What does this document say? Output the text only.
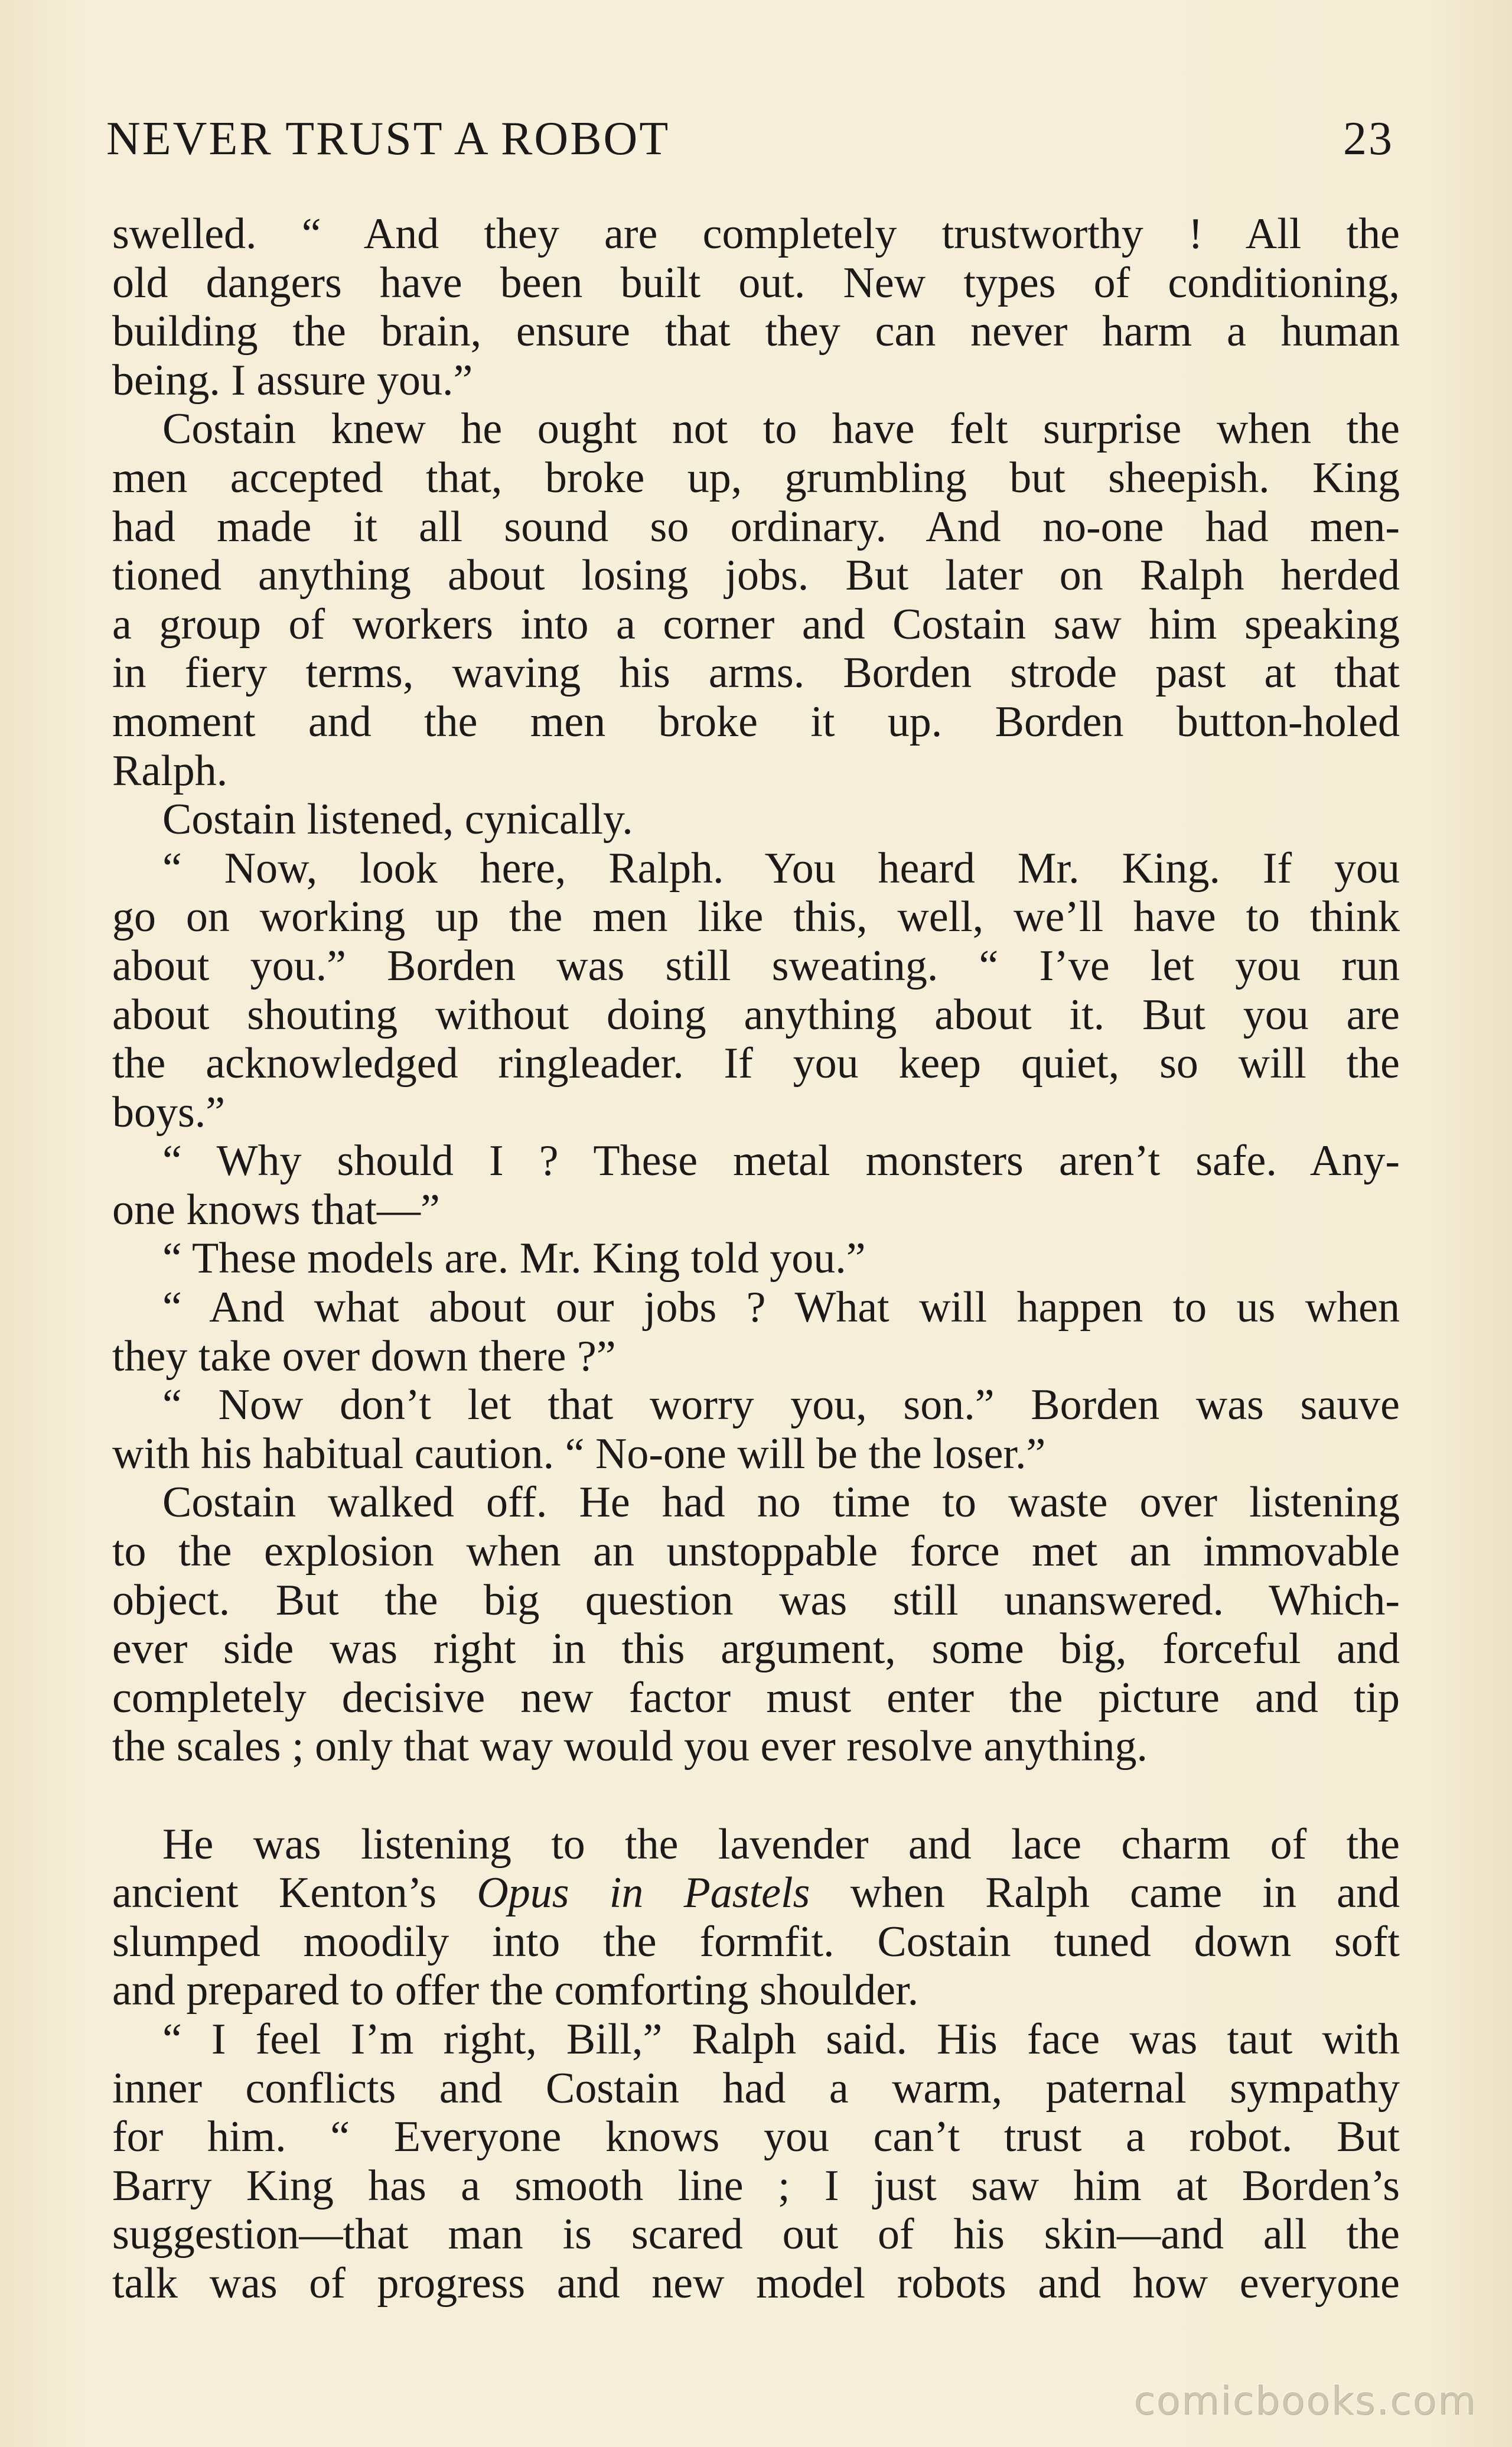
NEVER TRUST A ROBOT	23
swelled. “ And they are completely trustworthy ! All the
old dangers have been built out. New types of conditioning,
building the brain, ensure that they can never harm a human
being. I assure you.”
Costain knew he ought not to have felt surprise when the
men accepted that, broke up, grumbling but sheepish. King
had made it all sound so ordinary. And no-one had men-
tioned anything about losing jobs. But later on Ralph herded
a group of workers into a corner and Costain saw him speaking
in fiery terms, waving his arms. Borden strode past at that
moment and the men broke it up. Borden button-holed
Ralph.
Costain listened, cynically.
“ Now, look here, Ralph. You heard Mr. King. If you
go on working up the men like this, well, we’ll have to think
about you.” Borden was still sweating. “ I’ve let you run
about shouting without doing anything about it. But you are
the acknowledged ringleader. If you keep quiet, so will the
boys.”
“ Why should I ? These metal monsters aren’t safe. Any-
one knows that—”
“ These models are. Mr. King told you.”
“ And what about our jobs ? What will happen to us when
they take over down there ?”
“ Now don’t let that worry you, son.” Borden was sauve
with his habitual caution. “ No-one will be the loser.”
Costain walked off. He had no time to waste over listening
to the explosion when an unstoppable force met an immovable
object. But the big question was still unanswered. Which-
ever side was right in this argument, some big, forceful and
completely decisive new factor must enter the picture and tip
the scales ; only that way would you ever resolve anything.
He was listening to the lavender and lace charm of the
ancient Kenton’s Opus in Pastels when Ralph came in and
slumped moodily into the formfit. Costain tuned down soft
and prepared to offer the comforting shoulder.
“ I feel I’m right, Bill,” Ralph said. His face was taut with
inner conflicts and Costain had a warm, paternal sympathy
for him. “ Everyone knows you can’t trust a robot. But
Barry King has a smooth line ; I just saw him at Borden’s
suggestion—that man is scared out of his skin—and all the
talk was of progress and new model robots and how everyone
comicbooks.com
